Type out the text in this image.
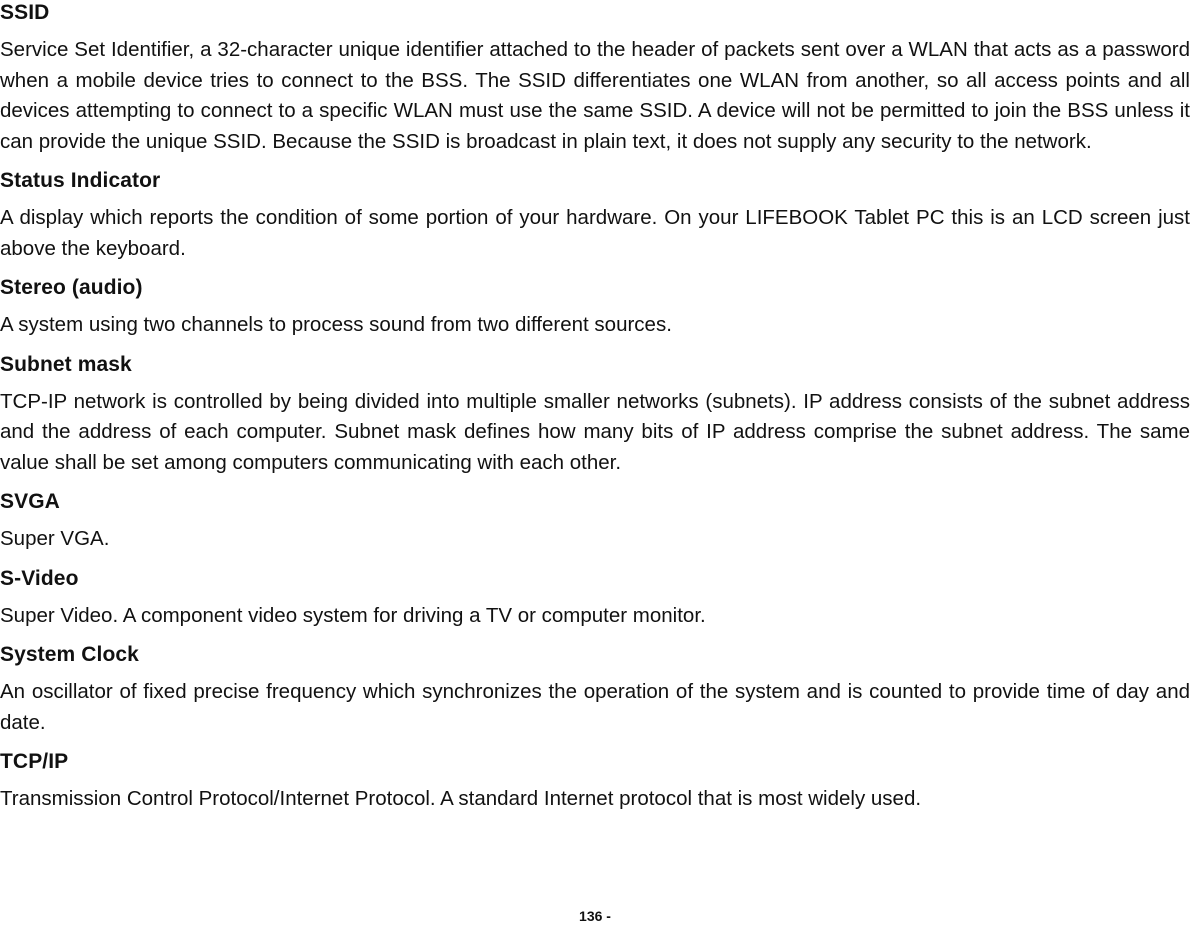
SSID

Service Set Identifier, a 32-character unique identifier attached to the header of packets sent over a WLAN that acts as a password when a mobile device tries to connect to the BSS. The SSID differentiates one WLAN from another, so all access points and all devices attempting to connect to a specific WLAN must use the same SSID. A device will not be permitted to join the BSS unless it can provide the unique SSID. Because the SSID is broadcast in plain text, it does not supply any security to the network.

Status Indicator

A display which reports the condition of some portion of your hardware. On your LIFEBOOK Tablet PC this is an LCD screen just above the keyboard.

Stereo (audio)

A system using two channels to process sound from two different sources.

Subnet mask

TCP-IP network is controlled by being divided into multiple smaller networks (subnets). IP address consists of the subnet address and the address of each computer. Subnet mask defines how many bits of IP address comprise the subnet address. The same value shall be set among computers communicating with each other.

SVGA

Super VGA.

S-Video

Super Video. A component video system for driving a TV or computer monitor.

System Clock

An oscillator of fixed precise frequency which synchronizes the operation of the system and is counted to provide time of day and date.

TCP/IP

Transmission Control Protocol/Internet Protocol. A standard Internet protocol that is most widely used.

136 -
